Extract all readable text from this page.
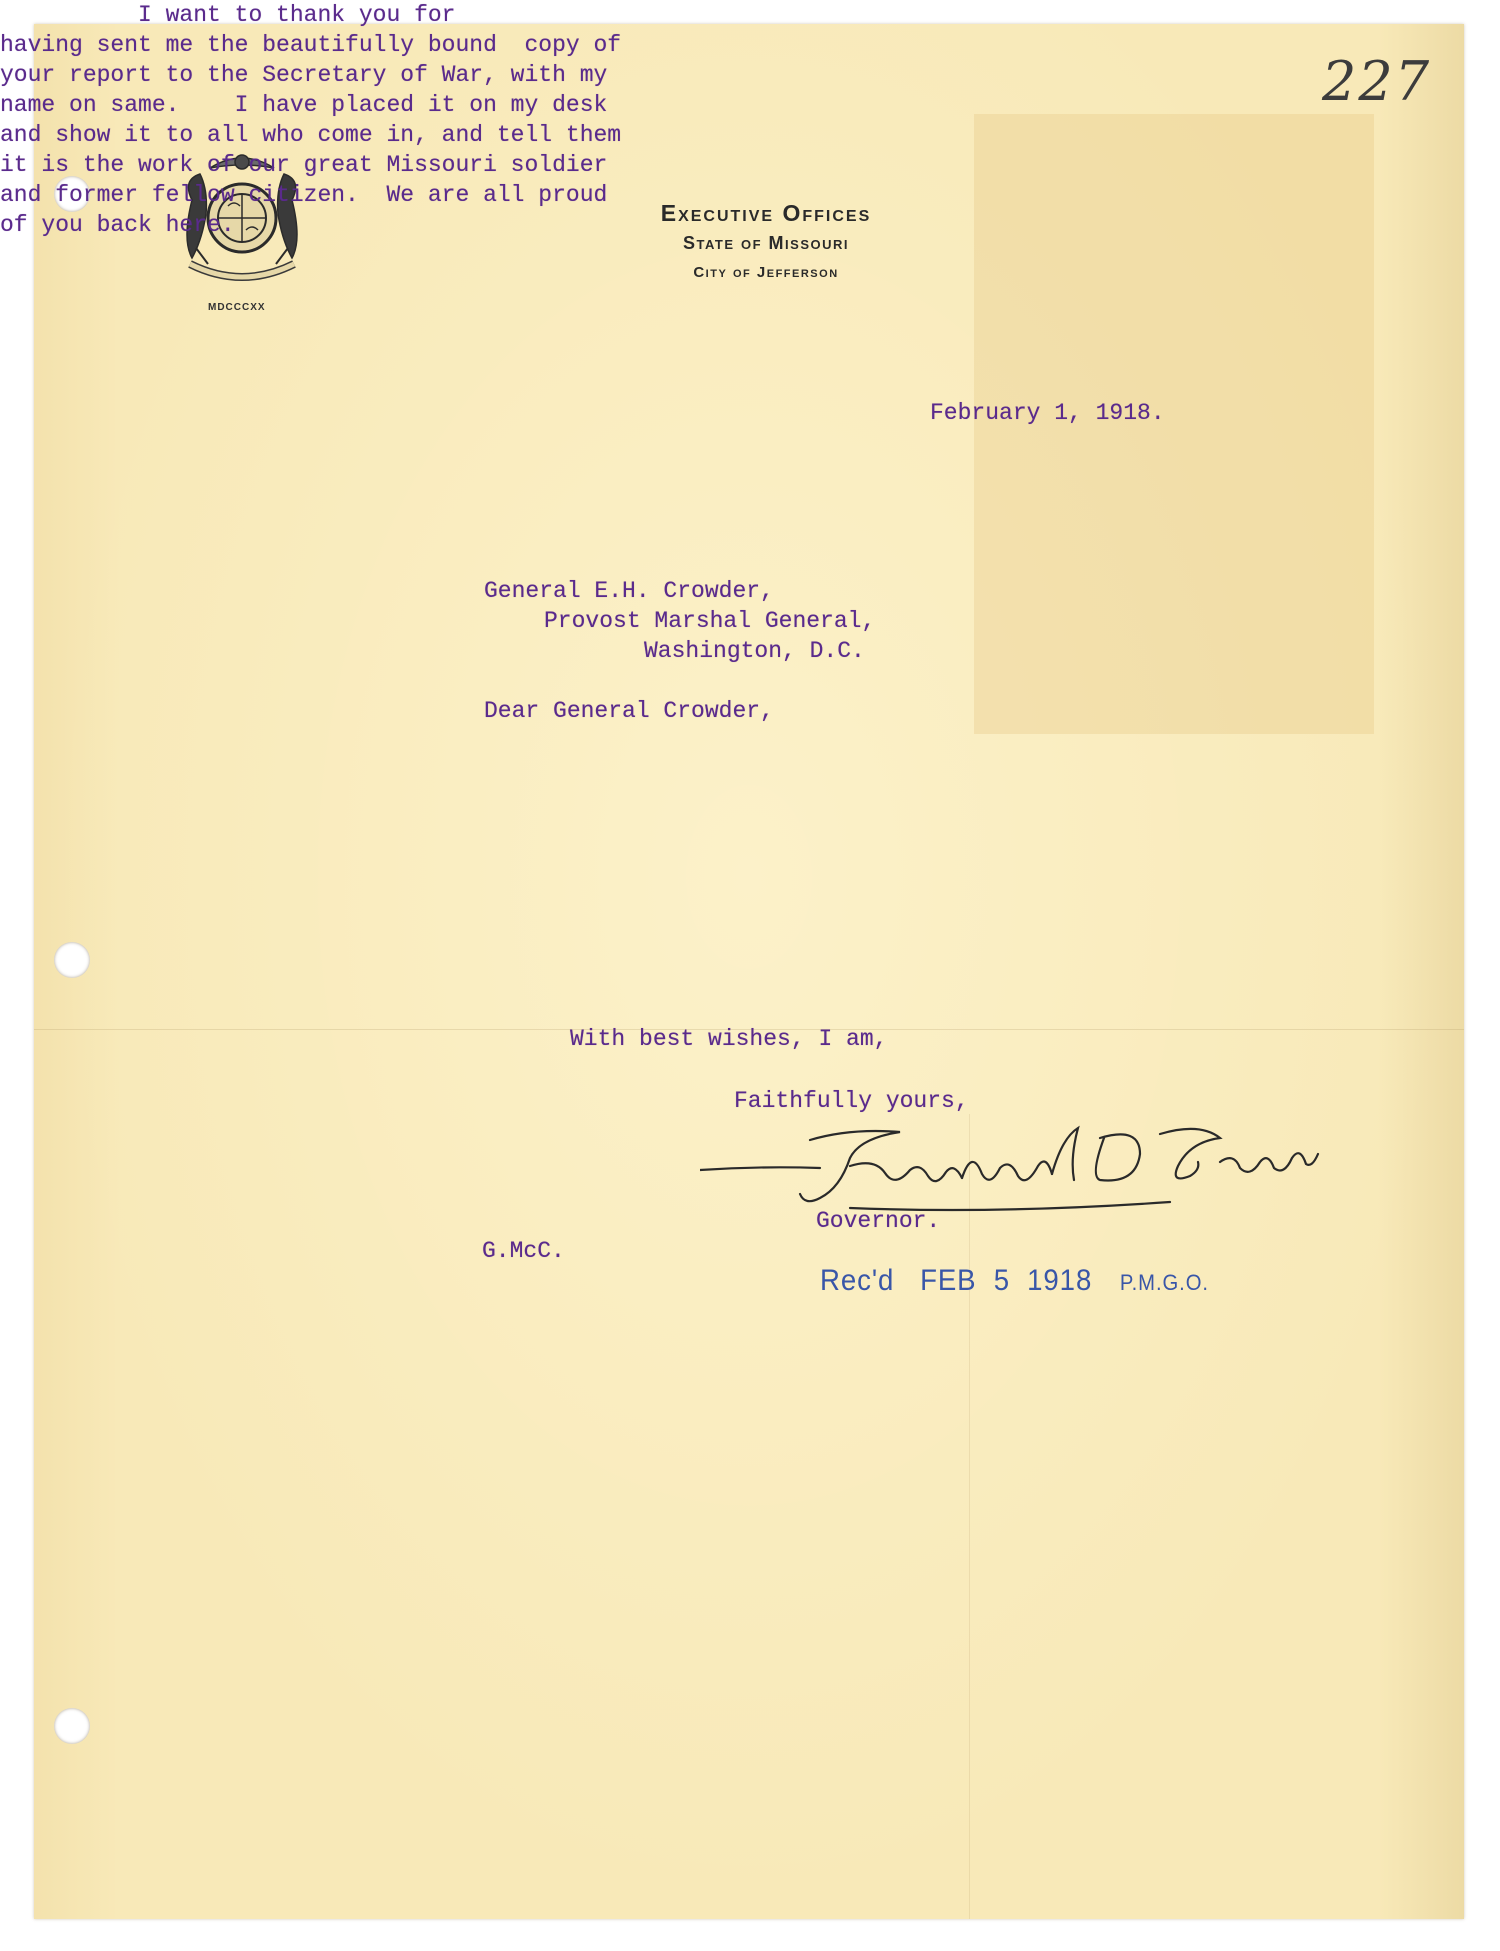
227
MDCCCXX
Executive Offices
State of Missouri
City of Jefferson
February 1, 1918.
General E.H. Crowder,
Provost Marshal General,
Washington, D.C.
Dear General Crowder,
I want to thank you for
having sent me the beautifully bound  copy of
your report to the Secretary of War, with my
name on same.    I have placed it on my desk
and show it to all who come in, and tell them
it is the work of our great Missouri soldier
and former fellow citizen.  We are all proud
of you back here.
With best wishes, I am,
Faithfully yours,
Governor.
G.McC.
Rec'd FEB  5  1918 P.M.G.O.
